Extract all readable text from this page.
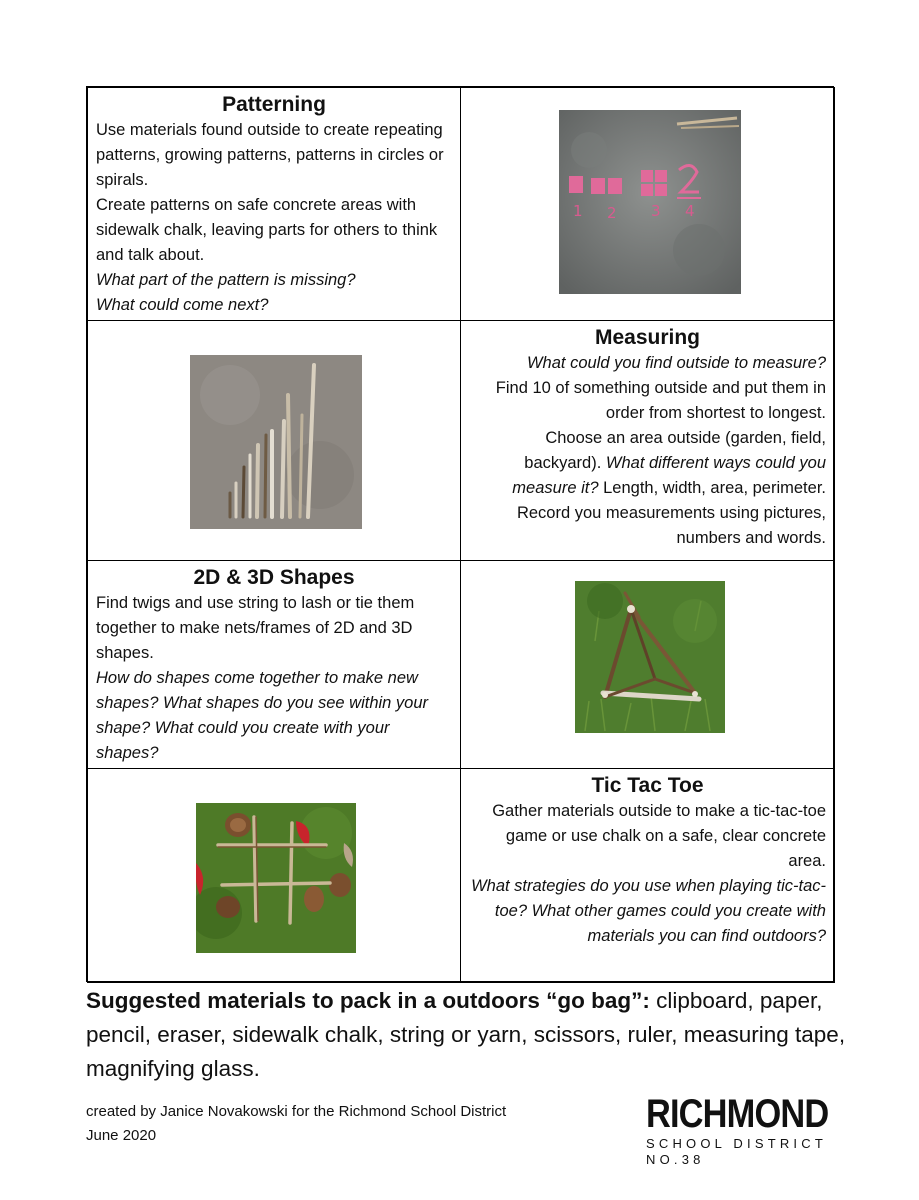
Patterning

Use materials found outside to create repeating patterns, growing patterns, patterns in circles or spirals.

Create patterns on safe concrete areas with sidewalk chalk, leaving parts for others to think and talk about.

What part of the pattern is missing?

What could come next?

1 2 3 4

Measuring

What could you find outside to measure?

Find 10 of something outside and put them in order from shortest to longest.

Choose an area outside (garden, field, backyard). What different ways could you measure it? Length, width, area, perimeter.

Record you measurements using pictures, numbers and words.

2D & 3D Shapes

Find twigs and use string to lash or tie them together to make nets/frames of 2D and 3D shapes.

How do shapes come together to make new shapes? What shapes do you see within your shape? What could you create with your shapes?

Tic Tac Toe

Gather materials outside to make a tic-tac-toe game or use chalk on a safe, clear concrete area.

What strategies do you use when playing tic-tac-toe? What other games could you create with materials you can find outdoors?

Suggested materials to pack in a outdoors “go bag”: clipboard, paper, pencil, eraser, sidewalk chalk, string or yarn, scissors, ruler, measuring tape, magnifying glass.
created by Janice Novakowski for the Richmond School District
June 2020	RICHMOND
SCHOOL DISTRICT NO.38
